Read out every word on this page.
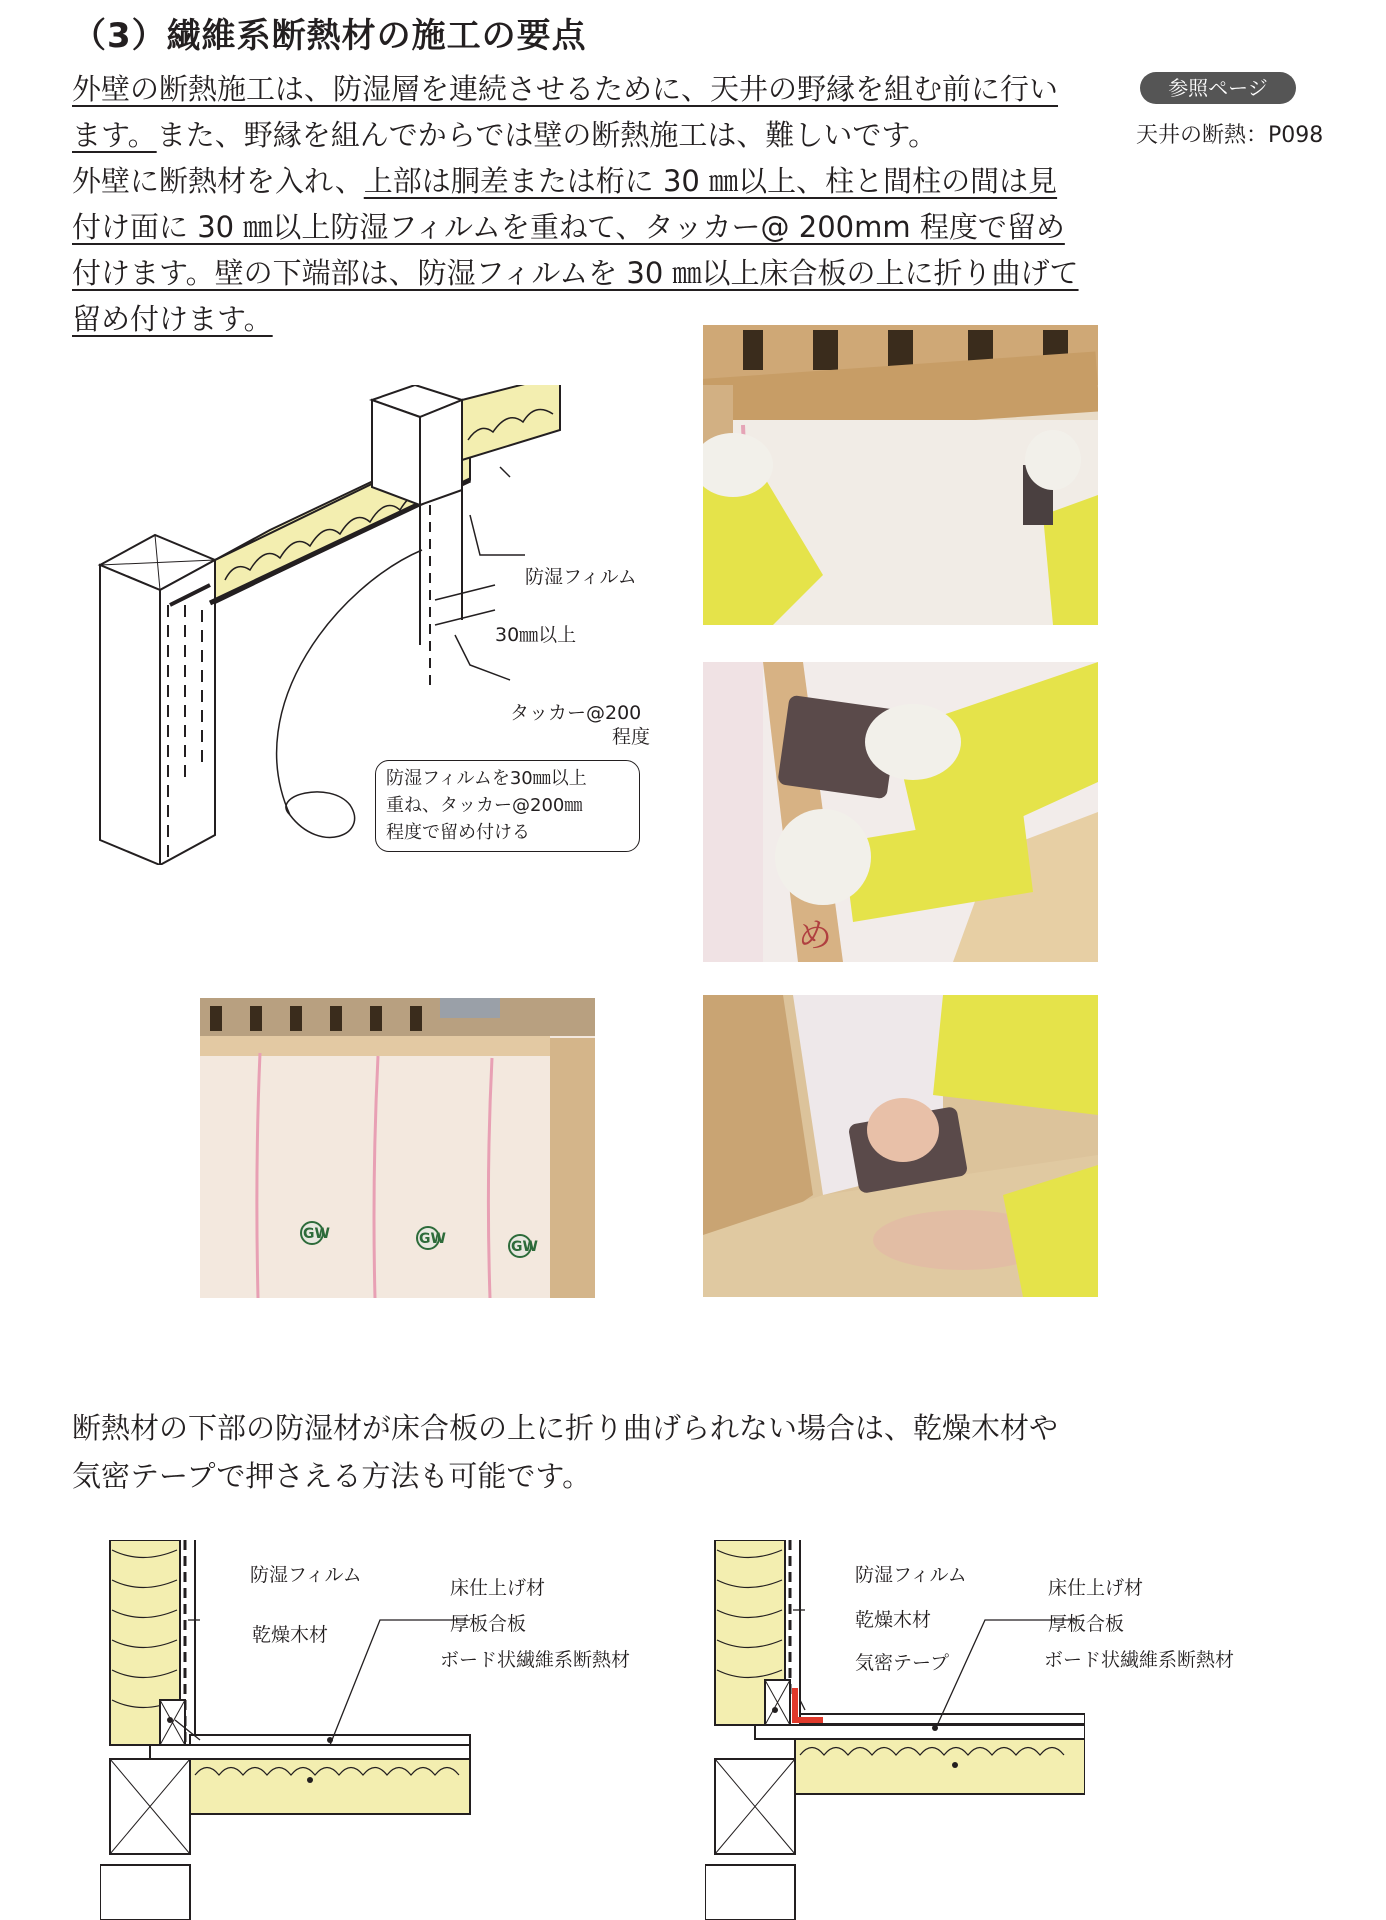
（3）繊維系断熱材の施工の要点

外壁の断熱施工は、防湿層を連続させるために、天井の野縁を組む前に行い

ます。また、野縁を組んでからでは壁の断熱施工は、難しいです。

外壁に断熱材を入れ、上部は胴差または桁に 30 ㎜以上、柱と間柱の間は見

付け面に 30 ㎜以上防湿フィルムを重ねて、タッカー@ 200mm 程度で留め

付けます。壁の下端部は、防湿フィルムを 30 ㎜以上床合板の上に折り曲げて

留め付けます。

参照ページ
天井の断熱：P098
防湿フィルム
30㎜以上
タッカー@200
程度
防湿フィルムを30㎜以上
重ね、タッカー@200㎜
程度で留め付ける
め
GW	GW	GW

断熱材の下部の防湿材が床合板の上に折り曲げられない場合は、乾燥木材や

気密テープで押さえる方法も可能です。

防湿フィルム
乾燥木材
床仕上げ材
厚板合板
ボード状繊維系断熱材
防湿フィルム
乾燥木材
気密テープ
床仕上げ材
厚板合板
ボード状繊維系断熱材
